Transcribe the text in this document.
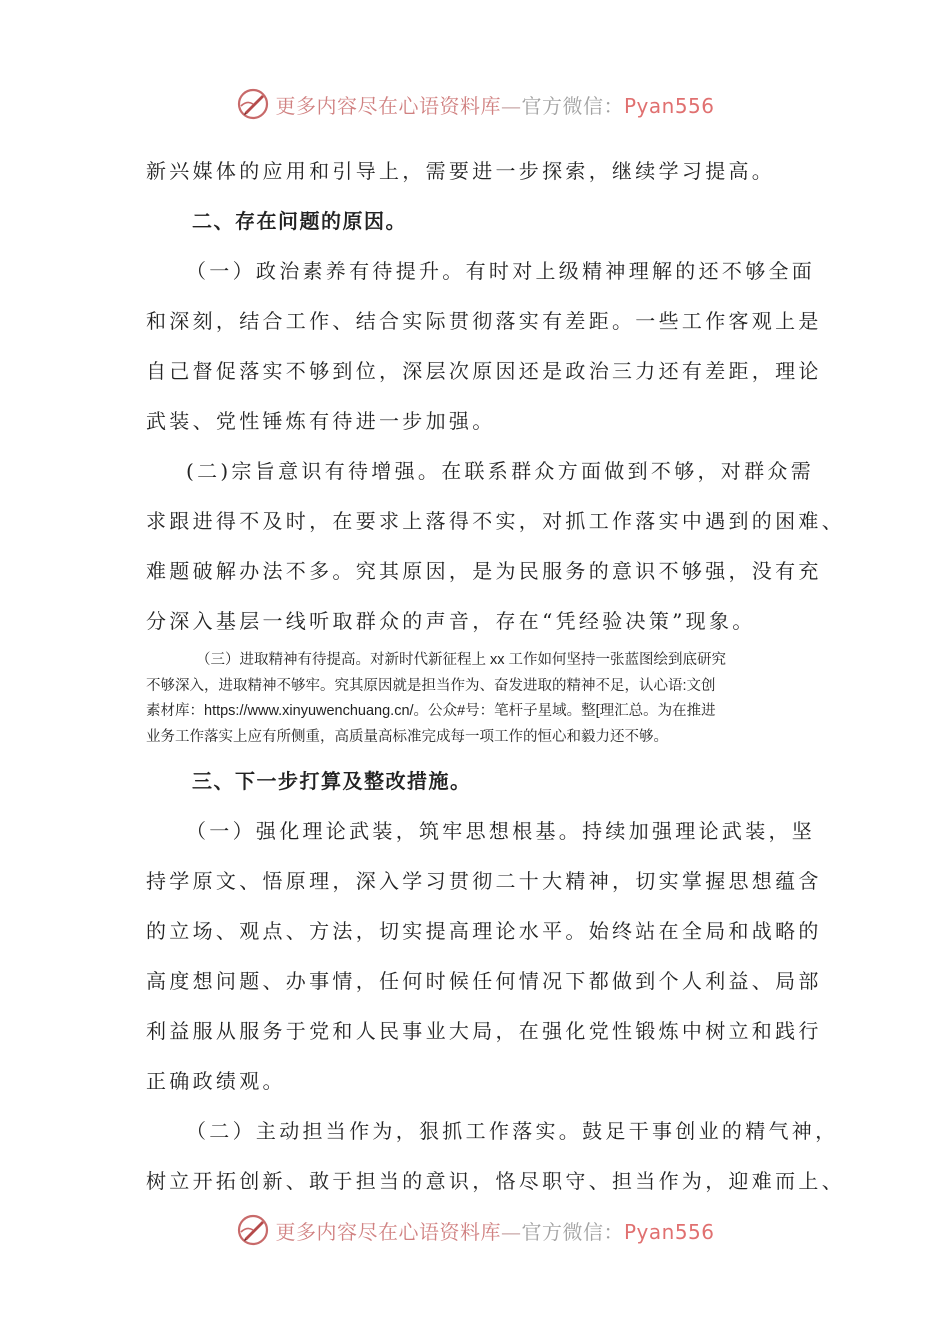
更多内容尽在心语资料库—官方微信：Pyan556

新兴媒体的应用和引导上，需要进一步探索，继续学习提高。

二、存在问题的原因。

（一）政治素养有待提升。有时对上级精神理解的还不够全面

和深刻，结合工作、结合实际贯彻落实有差距。一些工作客观上是

自己督促落实不够到位，深层次原因还是政治三力还有差距，理论

武装、党性锤炼有待进一步加强。

(二)宗旨意识有待增强。在联系群众方面做到不够，对群众需

求跟进得不及时，在要求上落得不实，对抓工作落实中遇到的困难、

难题破解办法不多。究其原因，是为民服务的意识不够强，没有充

分深入基层一线听取群众的声音，存在“凭经验决策”现象。

（三）进取精神有待提高。对新时代新征程上 xx 工作如何坚持一张蓝图绘到底研究

不够深入，进取精神不够牢。究其原因就是担当作为、奋发进取的精神不足，认心语:文创

素材库：https://www.xinyuwenchuang.cn/。公众#号：笔杆子星域。整[理汇总。为在推进

业务工作落实上应有所侧重，高质量高标准完成每一项工作的恒心和毅力还不够。

三、下一步打算及整改措施。

（一）强化理论武装，筑牢思想根基。持续加强理论武装，坚

持学原文、悟原理，深入学习贯彻二十大精神，切实掌握思想蕴含

的立场、观点、方法，切实提高理论水平。始终站在全局和战略的

高度想问题、办事情，任何时候任何情况下都做到个人利益、局部

利益服从服务于党和人民事业大局，在强化党性锻炼中树立和践行

正确政绩观。

（二）主动担当作为，狠抓工作落实。鼓足干事创业的精气神，

树立开拓创新、敢于担当的意识，恪尽职守、担当作为，迎难而上、

更多内容尽在心语资料库—官方微信：Pyan556
